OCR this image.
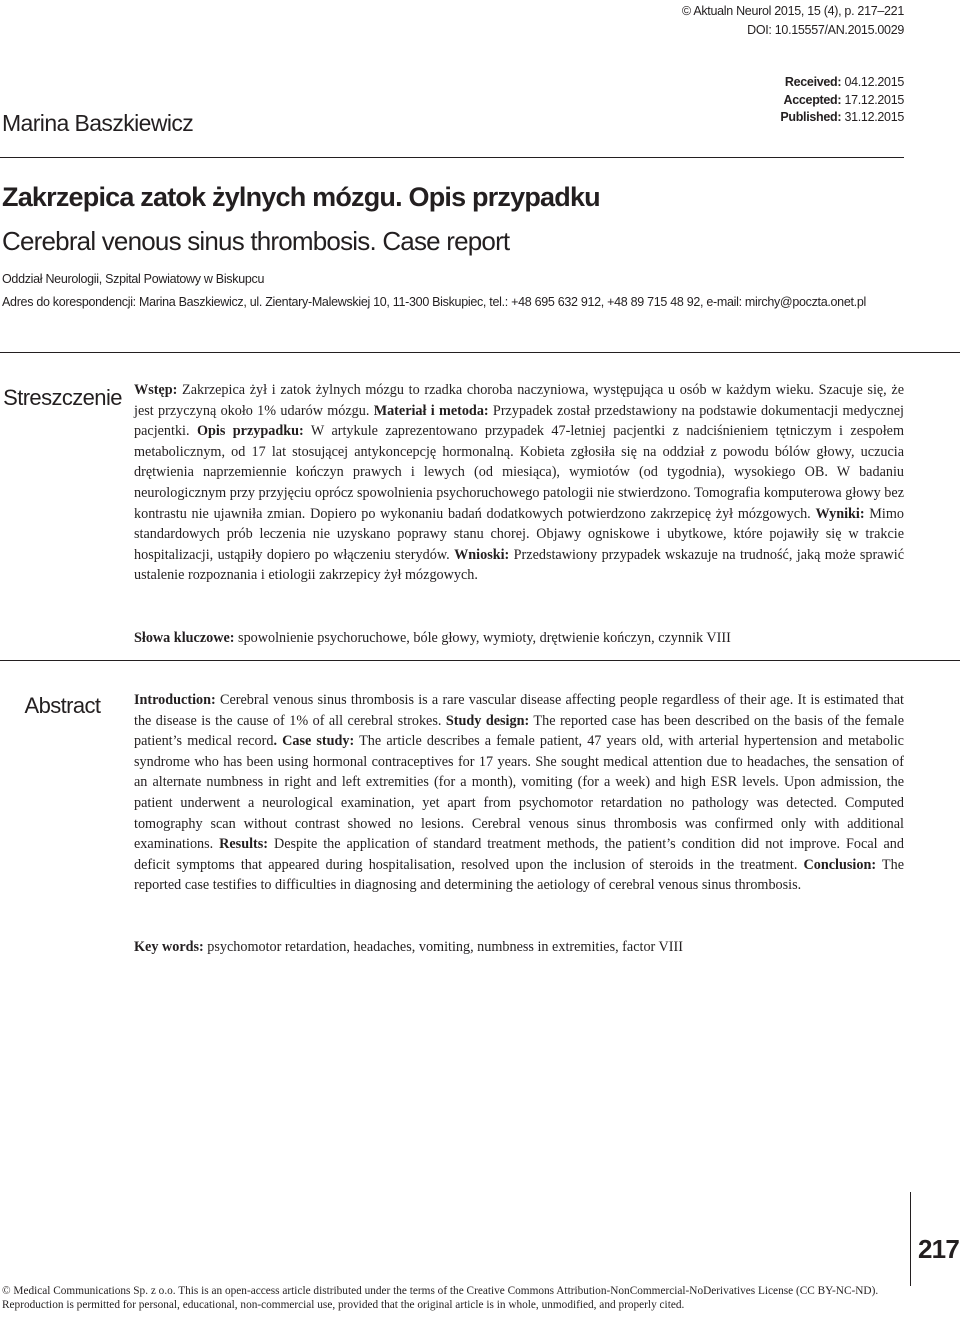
© Aktualn Neurol 2015, 15 (4), p. 217–221
DOI: 10.15557/AN.2015.0029
Marina Baszkiewicz
Received: 04.12.2015
Accepted: 17.12.2015
Published: 31.12.2015
Zakrzepica zatok żylnych mózgu. Opis przypadku
Cerebral venous sinus thrombosis. Case report
Oddział Neurologii, Szpital Powiatowy w Biskupcu
Adres do korespondencji: Marina Baszkiewicz, ul. Zientary-Malewskiej 10, 11-300 Biskupiec, tel.: +48 695 632 912, +48 89 715 48 92, e-mail: mirchy@poczta.onet.pl
Streszczenie Wstęp: Zakrzepica żył i zatok żylnych mózgu to rzadka choroba naczyniowa, występująca u osób w każdym wieku. Szacuje się, że jest przyczyną około 1% udarów mózgu. Materiał i metoda: Przypadek został przedstawiony na podstawie dokumentacji medycznej pacjentki. Opis przypadku: W artykule zaprezentowano przypadek 47-letniej pacjentki z nadciśnieniem tętniczym i zespołem metabolicznym, od 17 lat stosującej antykoncepcję hormonalną. Kobieta zgłosiła się na oddział z powodu bólów głowy, uczucia drętwienia naprzemiennie kończyn prawych i lewych (od miesiąca), wymiotów (od tygodnia), wysokiego OB. W badaniu neurologicznym przy przyjęciu oprócz spowolnienia psychoruchowego patologii nie stwierdzono. Tomografia komputerowa głowy bez kontrastu nie ujawniła zmian. Dopiero po wykonaniu badań dodatkowych potwierdzono zakrzepicę żył mózgowych. Wyniki: Mimo standardowych prób leczenia nie uzyskano poprawy stanu chorej. Objawy ogniskowe i ubytkowe, które pojawiły się w trakcie hospitalizacji, ustąpiły dopiero po włączeniu sterydów. Wnioski: Przedstawiony przypadek wskazuje na trudność, jaką może sprawić ustalenie rozpoznania i etiologii zakrzepicy żył mózgowych.

Słowa kluczowe: spowolnienie psychoruchowe, bóle głowy, wymioty, drętwienie kończyn, czynnik VIII

Abstract	Introduction: Cerebral venous sinus thrombosis is a rare vascular disease affecting people regardless of their age. It is estimated that the disease is the cause of 1% of all cerebral strokes. Study design: The reported case has been described on the basis of the female patient’s medical record. Case study: The article describes a female patient, 47 years old, with arterial hypertension and metabolic syndrome who has been using hormonal contraceptives for 17 years. She sought medical attention due to headaches, the sensation of an alternate numbness in right and left extremities (for a month), vomiting (for a week) and high ESR levels. Upon admission, the patient underwent a neurological examination, yet apart from psychomotor retardation no pathology was detected. Computed tomography scan without contrast showed no lesions. Cerebral venous sinus thrombosis was confirmed only with additional examinations. Results: Despite the application of standard treatment methods, the patient’s condition did not improve. Focal and deficit symptoms that appeared during hospitalisation, resolved upon the inclusion of steroids in the treatment. Conclusion: The reported case testifies to difficulties in diagnosing and determining the aetiology of cerebral venous sinus thrombosis.

Key words: psychomotor retardation, headaches, vomiting, numbness in extremities, factor VIII

217

© Medical Communications Sp. z o.o. This is an open-access article distributed under the terms of the Creative Commons Attribution-NonCommercial-NoDerivatives License (CC BY-NC-ND). Reproduction is permitted for personal, educational, non-commercial use, provided that the original article is in whole, unmodified, and properly cited.
